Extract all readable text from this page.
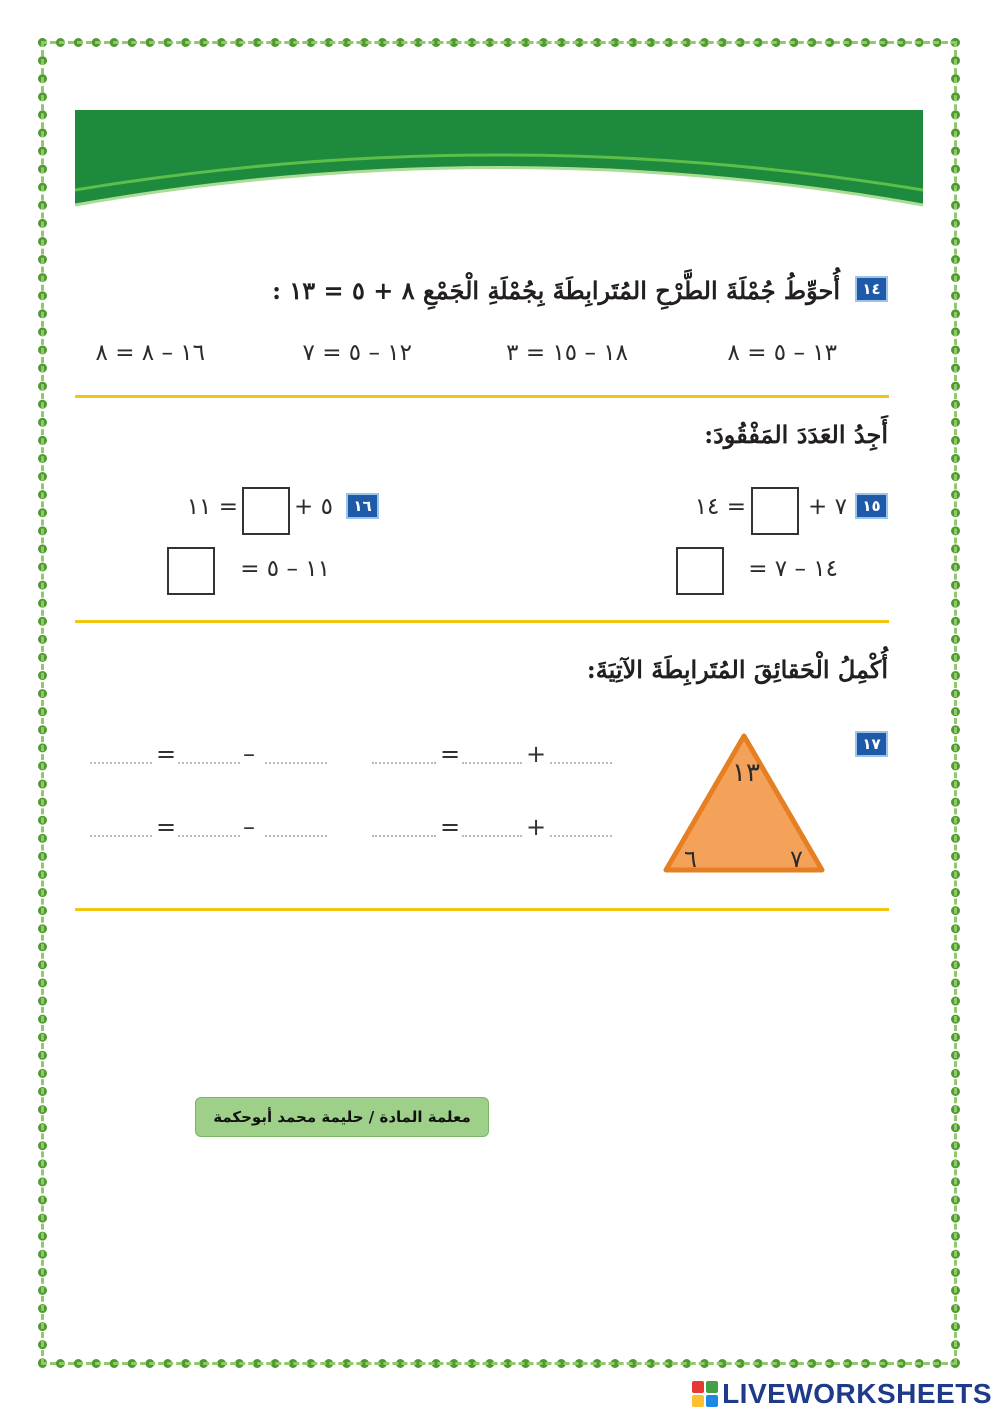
١٤
أُحوِّطُ جُمْلَةَ الطَّرْحِ المُتَرابِطَةَ بِجُمْلَةِ الْجَمْعِ ٨ + ٥ = ١٣ :
١٣ – ٥ = ٨
١٨ – ١٥ = ٣
١٢ – ٥ = ٧
١٦ – ٨ = ٨
أَجِدُ العَدَدَ المَفْقُودَ:
١٥
٧ +
= ١٤
١٤ – ٧ =
١٦
٥ +
= ١١
١١ – ٥ =
أُكْمِلُ الْحَقائِقَ المُتَرابِطَةَ الآتِيَةَ:
١٧
١٣
٦	٧
+
=
+
=
–
=
–
=
معلمة المادة / حليمة محمد أبوحكمة
LIVEWORKSHEETS
